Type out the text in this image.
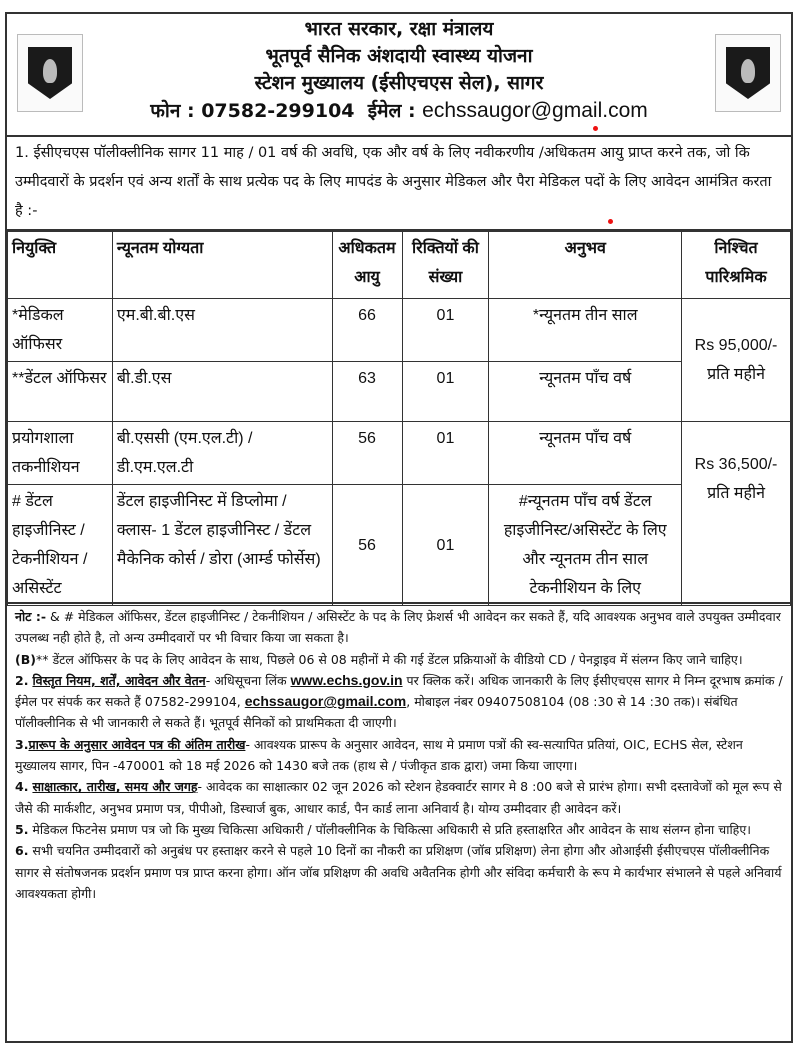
भारत सरकार, रक्षा मंत्रालय
भूतपूर्व सैनिक अंशदायी स्वास्थ्य योजना
स्टेशन मुख्यालय (ईसीएचएस सेल), सागर
फोन : 07582-299104 ईमेल : echssaugor@gmail.com
1. ईसीएचएस पॉलीक्लीनिक सागर 11 माह / 01 वर्ष की अवधि, एक और वर्ष के लिए नवीकरणीय /अधिकतम आयु प्राप्त करने तक, जो कि उम्मीदवारों के प्रदर्शन एवं अन्य शर्तों के साथ प्रत्येक पद के लिए मापदंड के अनुसार मेडिकल और पैरा मेडिकल पदों के लिए आवेदन आमंत्रित करता है :-
नियुक्ति	न्यूनतम योग्यता	अधिकतम आयु	रिक्तियों की संख्या	अनुभव	निश्चित पारिश्रमिक
*मेडिकल ऑफिसर	एम.बी.बी.एस	66	01	*न्यूनतम तीन साल	Rs 95,000/-
प्रति महीने
**डेंटल ऑफिसर	बी.डी.एस	63	01	न्यूनतम पाँच वर्ष	
प्रयोगशाला तकनीशियन	बी.एससी (एम.एल.टी) /डी.एम.एल.टी	56	01	न्यूनतम पाँच वर्ष	Rs 36,500/-
प्रति महीने
# डेंटल हाइजीनिस्ट / टेकनीशियन / असिस्टेंट	डेंटल हाइजीनिस्ट में डिप्लोमा / क्लास- 1 डेंटल हाइजीनिस्ट / डेंटल मैकेनिक कोर्स / डोरा (आर्म्ड फोर्सेस)	56	01	#न्यूनतम पाँच वर्ष डेंटल हाइजीनिस्ट/असिस्टेंट के लिए और न्यूनतम तीन साल टेकनीशियन के लिए	

नोट :- & # मेडिकल ऑफिसर, डेंटल हाइजीनिस्ट / टेकनीशियन / असिस्टेंट के पद के लिए फ्रेशर्स भी आवेदन कर सकते हैं, यदि आवश्यक अनुभव वाले उपयुक्त उम्मीदवार उपलब्ध नही होते है, तो अन्य उम्मीदवारों पर भी विचार किया जा सकता है।

(B)** डेंटल ऑफिसर के पद के लिए आवेदन के साथ, पिछले 06 से 08 महीनों मे की गई डेंटल प्रक्रियाओं के वीडियो CD / पेनड्राइव में संलग्न किए जाने चाहिए।

2. विस्तृत नियम, शर्तें, आवेदन और वेतन- अधिसूचना लिंक www.echs.gov.in पर क्लिक करें। अधिक जानकारी के लिए ईसीएचएस सागर मे निम्न दूरभाष क्रमांक / ईमेल पर संपर्क कर सकते हैं 07582-299104, echssaugor@gmail.com, मोबाइल नंबर 09407508104 (08 :30 से 14 :30 तक)। संबंधित पॉलीक्लीनिक से भी जानकारी ले सकते हैं। भूतपूर्व सैनिकों को प्राथमिकता दी जाएगी।

3.प्रारूप के अनुसार आवेदन पत्र की अंतिम तारीख- आवश्यक प्रारूप के अनुसार आवेदन, साथ मे प्रमाण पत्रों की स्व-सत्यापित प्रतियां, OIC, ECHS सेल, स्टेशन मुख्यालय सागर, पिन -470001 को 18 मई 2026 को 1430 बजे तक (हाथ से / पंजीकृत डाक द्वारा) जमा किया जाएगा।

4. साक्षात्कार, तारीख, समय और जगह- आवेदक का साक्षात्कार 02 जून 2026 को स्टेशन हेडक्वार्टर सागर मे 8 :00 बजे से प्रारंभ होगा। सभी दस्तावेजों को मूल रूप से जैसे की मार्कशीट, अनुभव प्रमाण पत्र, पीपीओ, डिस्चार्ज बुक, आधार कार्ड, पैन कार्ड लाना अनिवार्य है। योग्य उम्मीदवार ही आवेदन करें।

5. मेडिकल फिटनेस प्रमाण पत्र जो कि मुख्य चिकित्सा अधिकारी / पॉलीक्लीनिक के चिकित्सा अधिकारी से प्रति हस्ताक्षरित और आवेदन के साथ संलग्न होना चाहिए।

6. सभी चयनित उम्मीदवारों को अनुबंध पर हस्ताक्षर करने से पहले 10 दिनों का नौकरी का प्रशिक्षण (जॉब प्रशिक्षण) लेना होगा और ओआईसी ईसीएचएस पॉलीक्लीनिक सागर से संतोषजनक प्रदर्शन प्रमाण पत्र प्राप्त करना होगा। ऑन जॉब प्रशिक्षण की अवधि अवैतनिक होगी और संविदा कर्मचारी के रूप मे कार्यभार संभालने से पहले अनिवार्य आवश्यकता होगी।
